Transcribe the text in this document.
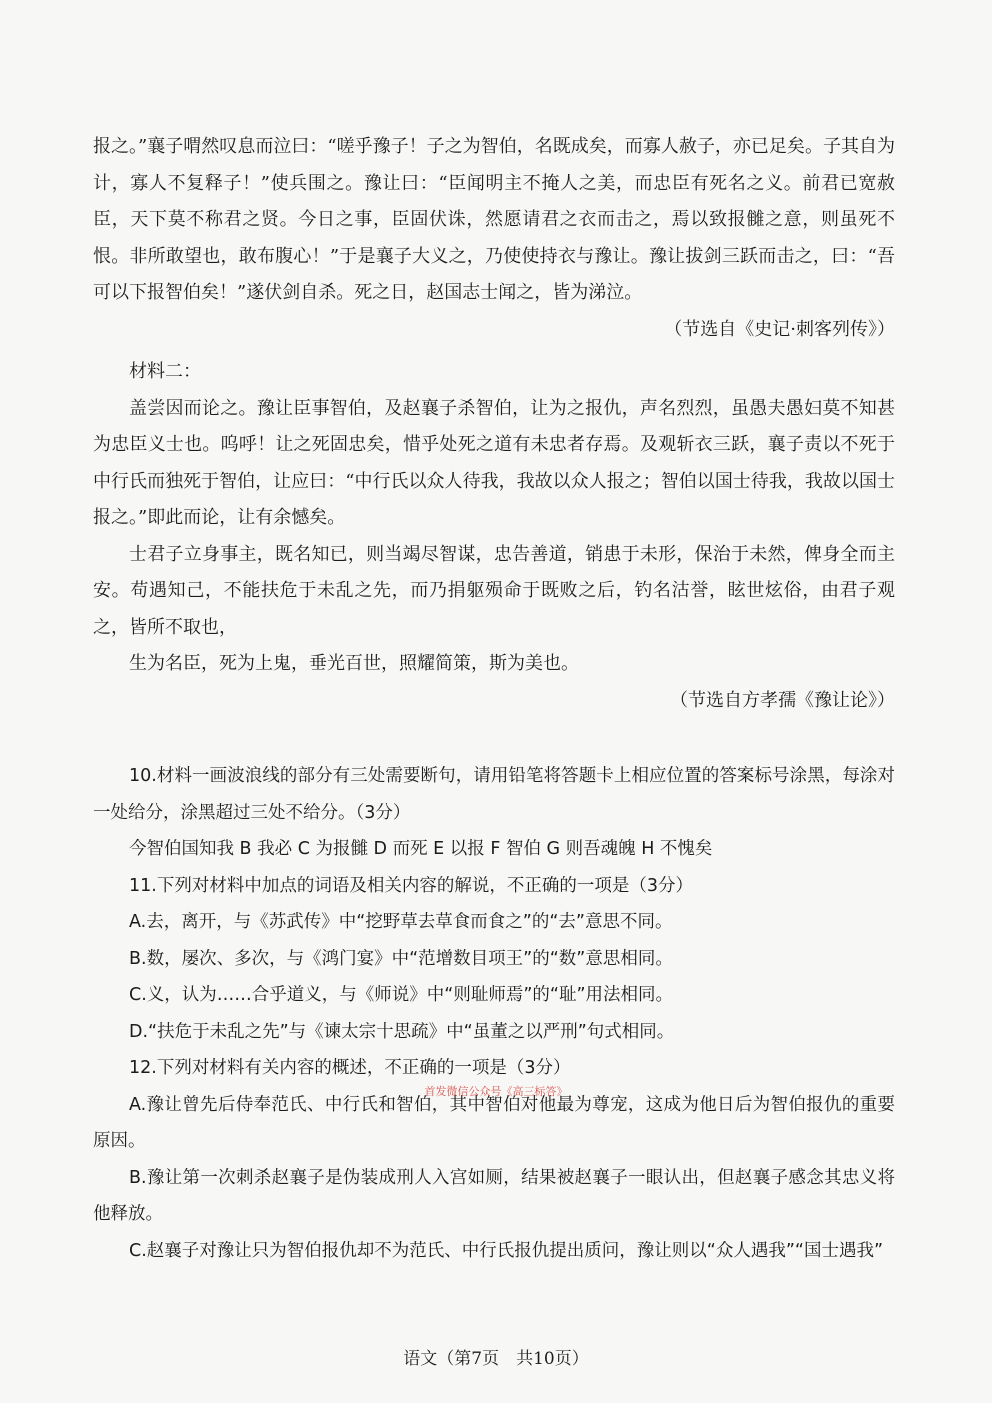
报之。”襄子喟然叹息而泣曰：“嗟乎豫子！子之为智伯，名既成矣，而寡人赦子，亦已足矣。子其自为计，寡人不复释子！”使兵围之。豫让曰：“臣闻明主不掩人之美，而忠臣有死名之义。前君已宽赦臣，天下莫不称君之贤。今日之事，臣固伏诛，然愿请君之衣而击之，焉以致报雠之意，则虽死不恨。非所敢望也，敢布腹心！”于是襄子大义之，乃使使持衣与豫让。豫让拔剑三跃而击之，曰：“吾可以下报智伯矣！”遂伏剑自杀。死之日，赵国志士闻之，皆为涕泣。

（节选自《史记·刺客列传》）

材料二：

盖尝因而论之。豫让臣事智伯，及赵襄子杀智伯，让为之报仇，声名烈烈，虽愚夫愚妇莫不知甚为忠臣义士也。呜呼！让之死固忠矣，惜乎处死之道有未忠者存焉。及观斩衣三跃，襄子责以不死于中行氏而独死于智伯，让应曰：“中行氏以众人待我，我故以众人报之；智伯以国士待我，我故以国士报之。”即此而论，让有余憾矣。

士君子立身事主，既名知已，则当竭尽智谋，忠告善道，销患于未形，保治于未然，俾身全而主安。苟遇知己，不能扶危于未乱之先，而乃捐躯殒命于既败之后，钓名沽誉，眩世炫俗，由君子观之，皆所不取也，

生为名臣，死为上鬼，垂光百世，照耀简策，斯为美也。

（节选自方孝孺《豫让论》）

10.材料一画波浪线的部分有三处需要断句，请用铅笔将答题卡上相应位置的答案标号涂黑，每涂对一处给分，涂黑超过三处不给分。（3分）

今智伯国知我 B 我必 C 为报雠 D 而死 E 以报 F 智伯 G 则吾魂魄 H 不愧矣

11.下列对材料中加点的词语及相关内容的解说，不正确的一项是（3分）

A.去，离开，与《苏武传》中“挖野草去草食而食之”的“去”意思不同。

B.数，屡次、多次，与《鸿门宴》中“范增数目项王”的“数”意思相同。

C.义，认为……合乎道义，与《师说》中“则耻师焉”的“耻”用法相同。

D.“扶危于未乱之先”与《谏太宗十思疏》中“虽董之以严刑”句式相同。

12.下列对材料有关内容的概述，不正确的一项是（3分）

A.豫让曾先后侍奉范氏、中行氏和智伯，其中智伯对他最为尊宠，这成为他日后为智伯报仇的重要原因。

B.豫让第一次刺杀赵襄子是伪装成刑人入宫如厕，结果被赵襄子一眼认出，但赵襄子感念其忠义将他释放。

C.赵襄子对豫让只为智伯报仇却不为范氏、中行氏报仇提出质问，豫让则以“众人遇我”“国士遇我”

首发微信公众号《高三标答》
语文（第7页　共10页）
